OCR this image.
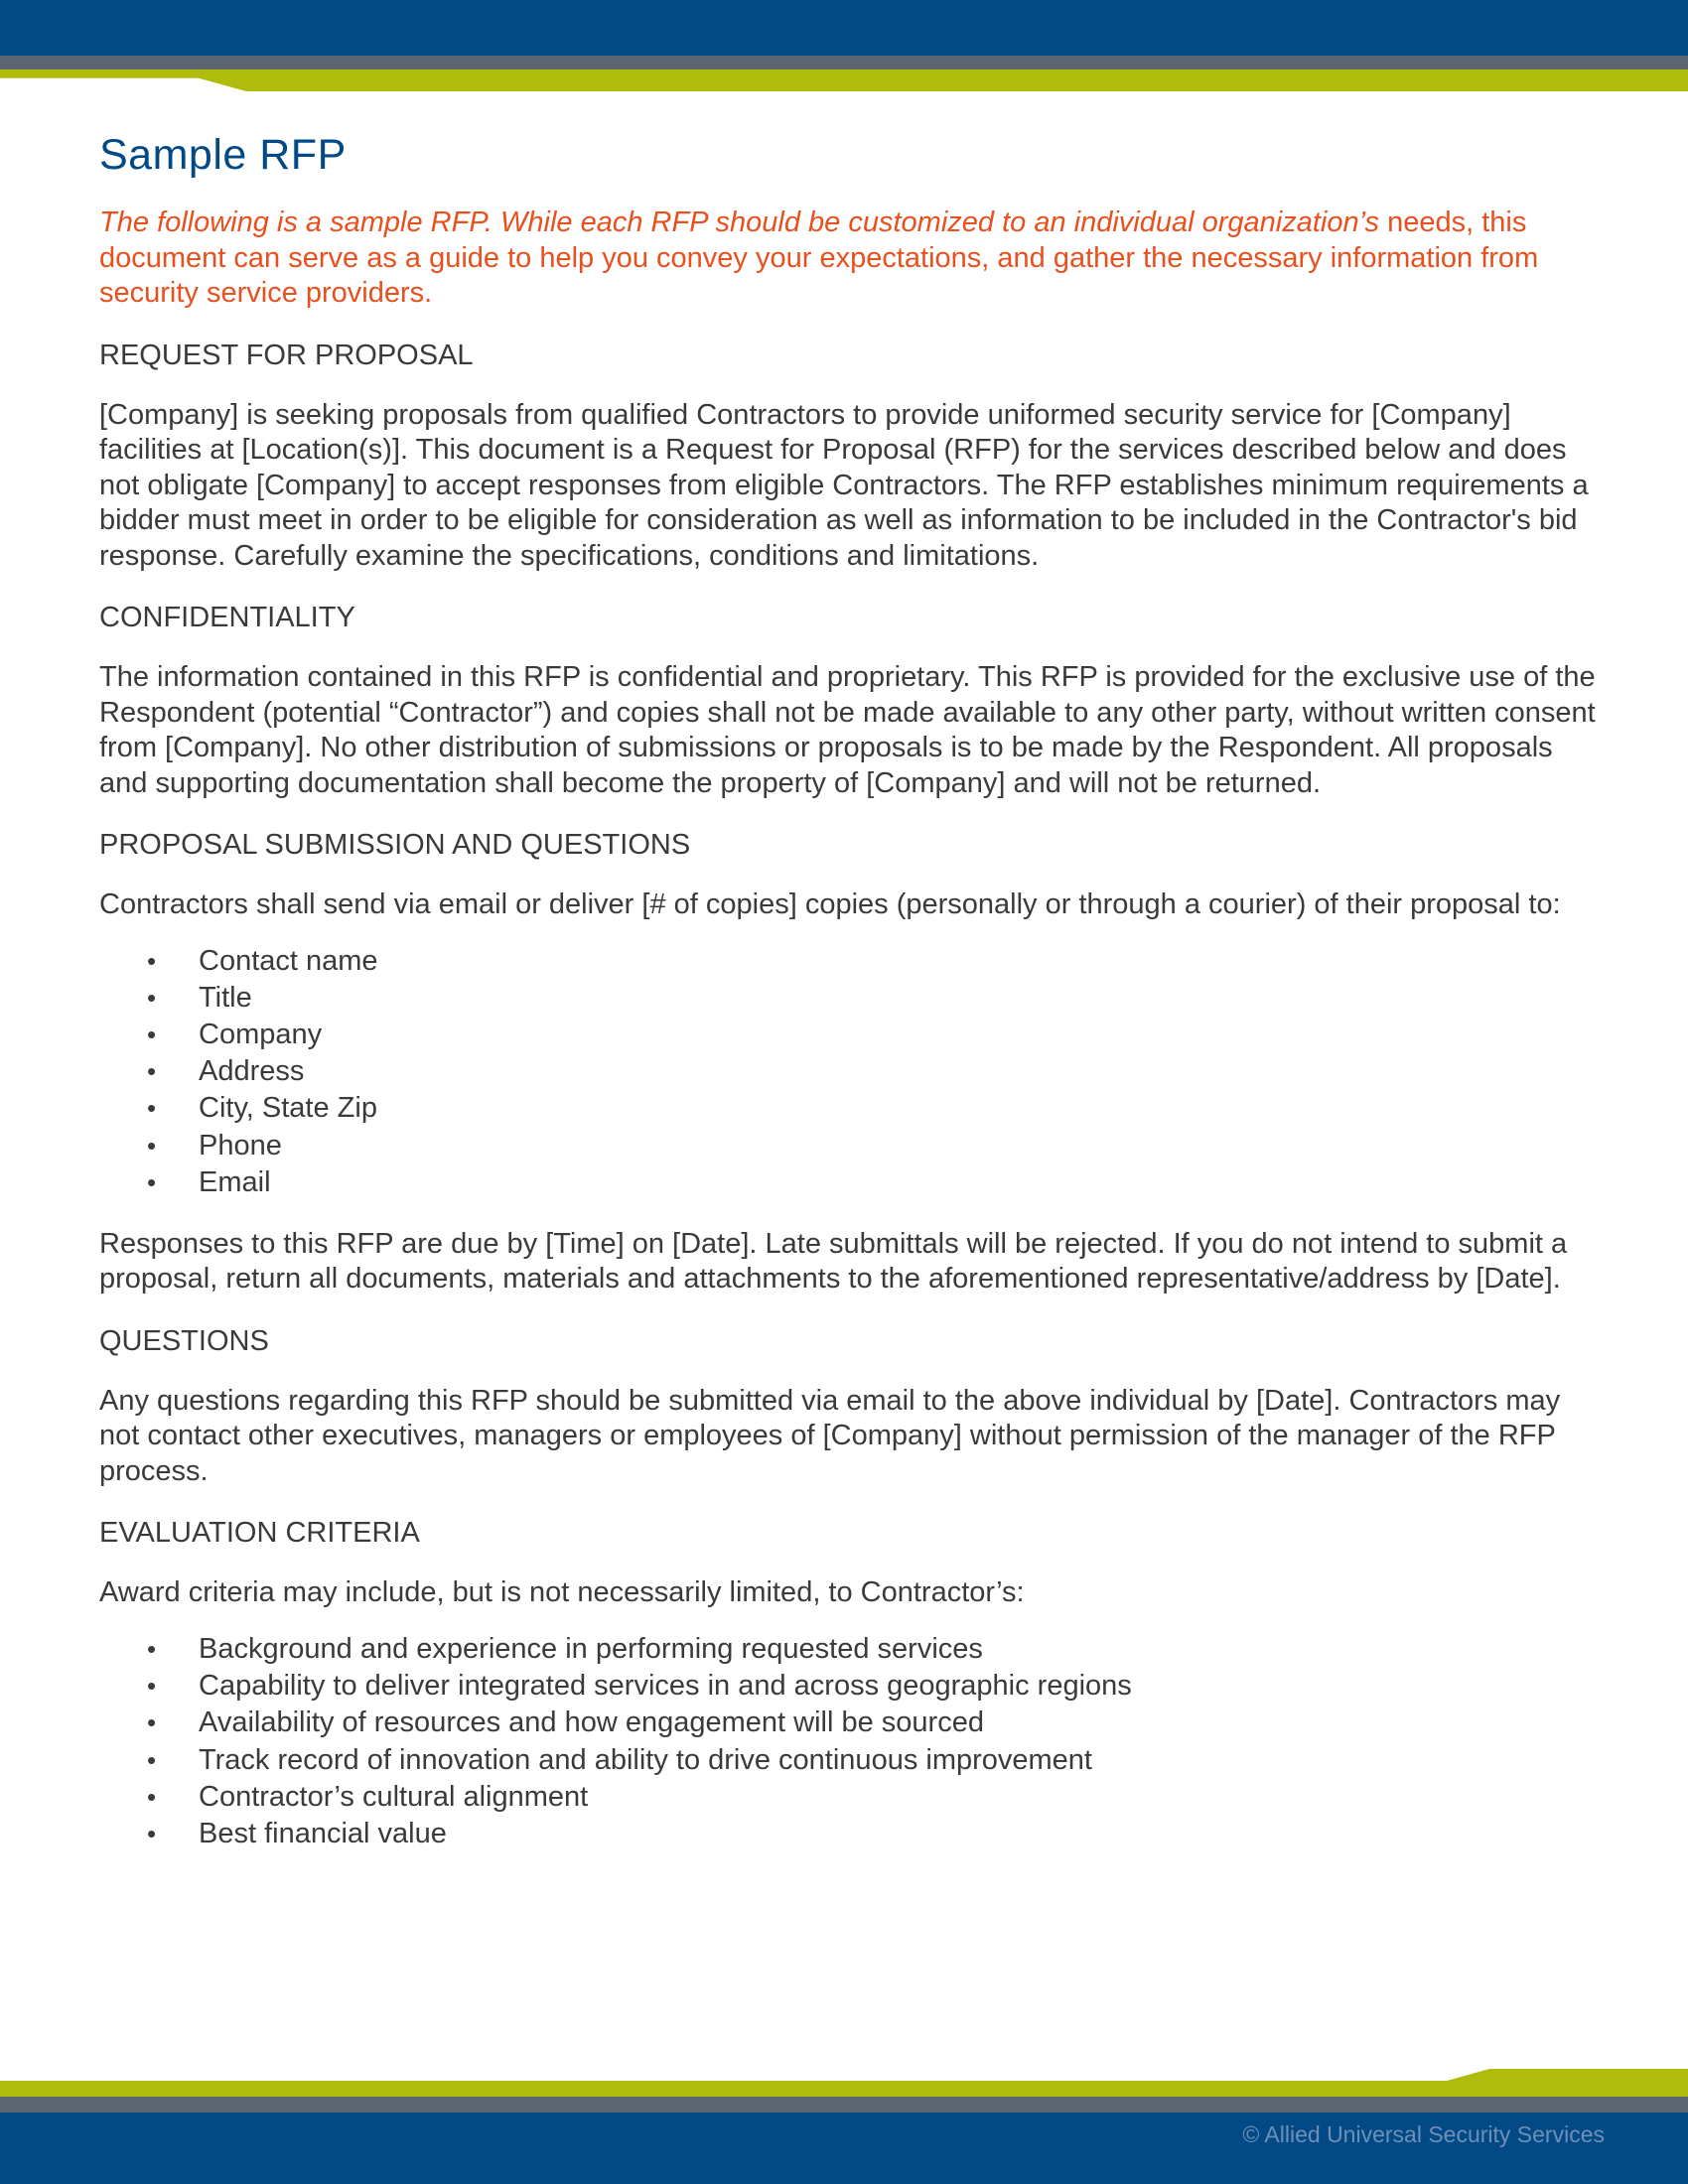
Sample RFP

The following is a sample RFP. While each RFP should be customized to an individual organization’s needs, this document can serve as a guide to help you convey your expectations, and gather the necessary information from security service providers.

REQUEST FOR PROPOSAL

[Company] is seeking proposals from qualified Contractors to provide uniformed security service for [Company] facilities at [Location(s)]. This document is a Request for Proposal (RFP) for the services described below and does not obligate [Company] to accept responses from eligible Contractors. The RFP establishes minimum requirements a bidder must meet in order to be eligible for consideration as well as information to be included in the Contractor's bid response. Carefully examine the specifications, conditions and limitations.

CONFIDENTIALITY

The information contained in this RFP is confidential and proprietary. This RFP is provided for the exclusive use of the Respondent (potential “Contractor”) and copies shall not be made available to any other party, without written consent from [Company]. No other distribution of submissions or proposals is to be made by the Respondent. All proposals and supporting documentation shall become the property of [Company] and will not be returned.

PROPOSAL SUBMISSION AND QUESTIONS

Contractors shall send via email or deliver [# of copies] copies (personally or through a courier) of their proposal to:

• Contact name
• Title
• Company
• Address
• City, State Zip
• Phone
• Email

Responses to this RFP are due by [Time] on [Date]. Late submittals will be rejected. If you do not intend to submit a proposal, return all documents, materials and attachments to the aforementioned representative/address by [Date].

QUESTIONS

Any questions regarding this RFP should be submitted via email to the above individual by [Date]. Contractors may not contact other executives, managers or employees of [Company] without permission of the manager of the RFP process.

EVALUATION CRITERIA

Award criteria may include, but is not necessarily limited, to Contractor’s:

• Background and experience in performing requested services
• Capability to deliver integrated services in and across geographic regions
• Availability of resources and how engagement will be sourced
• Track record of innovation and ability to drive continuous improvement
• Contractor’s cultural alignment
• Best financial value
© Allied Universal Security Services
